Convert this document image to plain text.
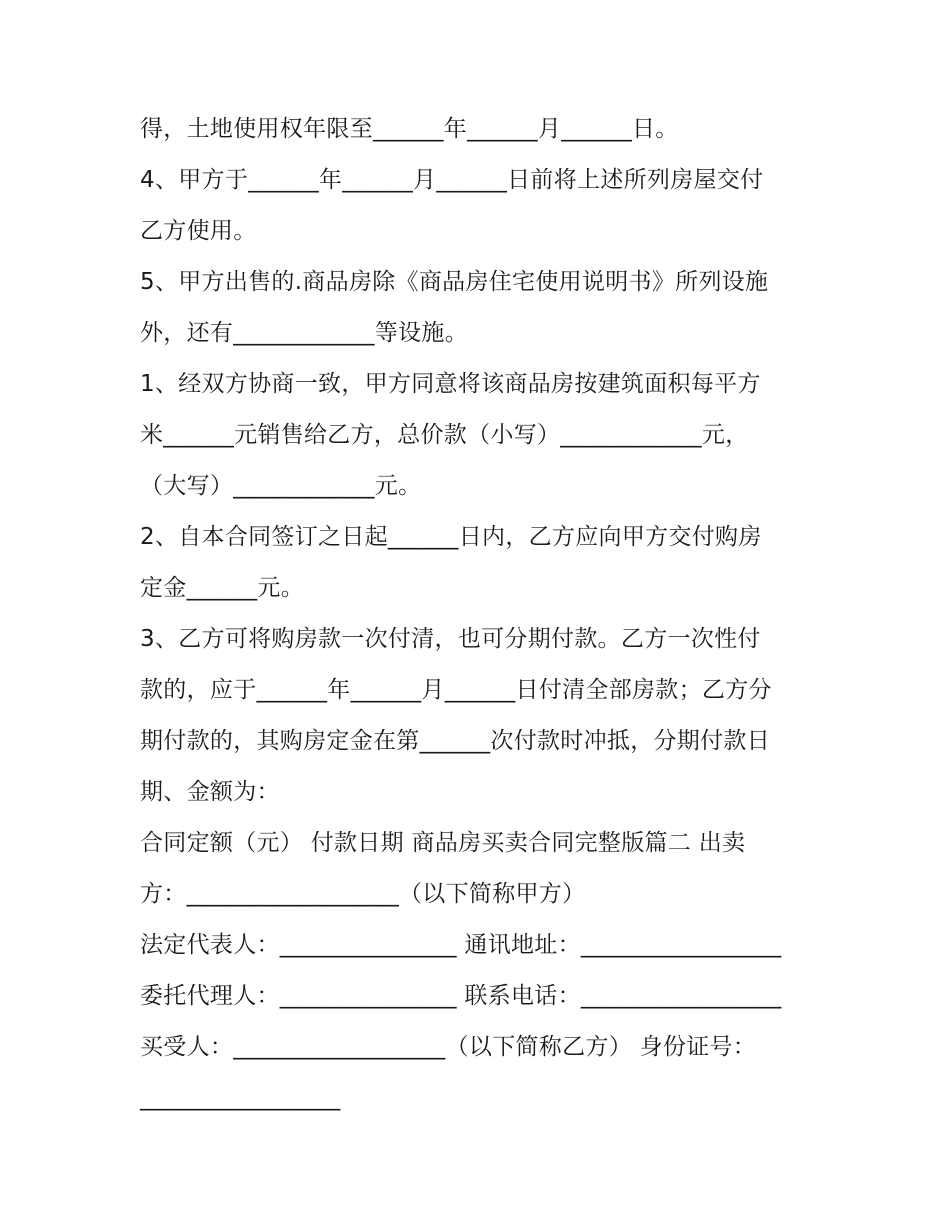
得，土地使用权年限至______年______月______日。
4、甲方于______年______月______日前将上述所列房屋交付
乙方使用。
5、甲方出售的.商品房除《商品房住宅使用说明书》所列设施
外，还有____________等设施。
1、经双方协商一致，甲方同意将该商品房按建筑面积每平方
米______元销售给乙方，总价款（小写）____________元，
（大写）____________元。
2、自本合同签订之日起______日内，乙方应向甲方交付购房
定金______元。
3、乙方可将购房款一次付清，也可分期付款。乙方一次性付
款的，应于______年______月______日付清全部房款；乙方分
期付款的，其购房定金在第______次付款时冲抵，分期付款日
期、金额为：
合同定额（元） 付款日期 商品房买卖合同完整版篇二 出卖
方：__________________（以下简称甲方）
法定代表人：_______________ 通讯地址：_________________
委托代理人：_______________ 联系电话：_________________
买受人：__________________（以下简称乙方） 身份证号：
_________________
